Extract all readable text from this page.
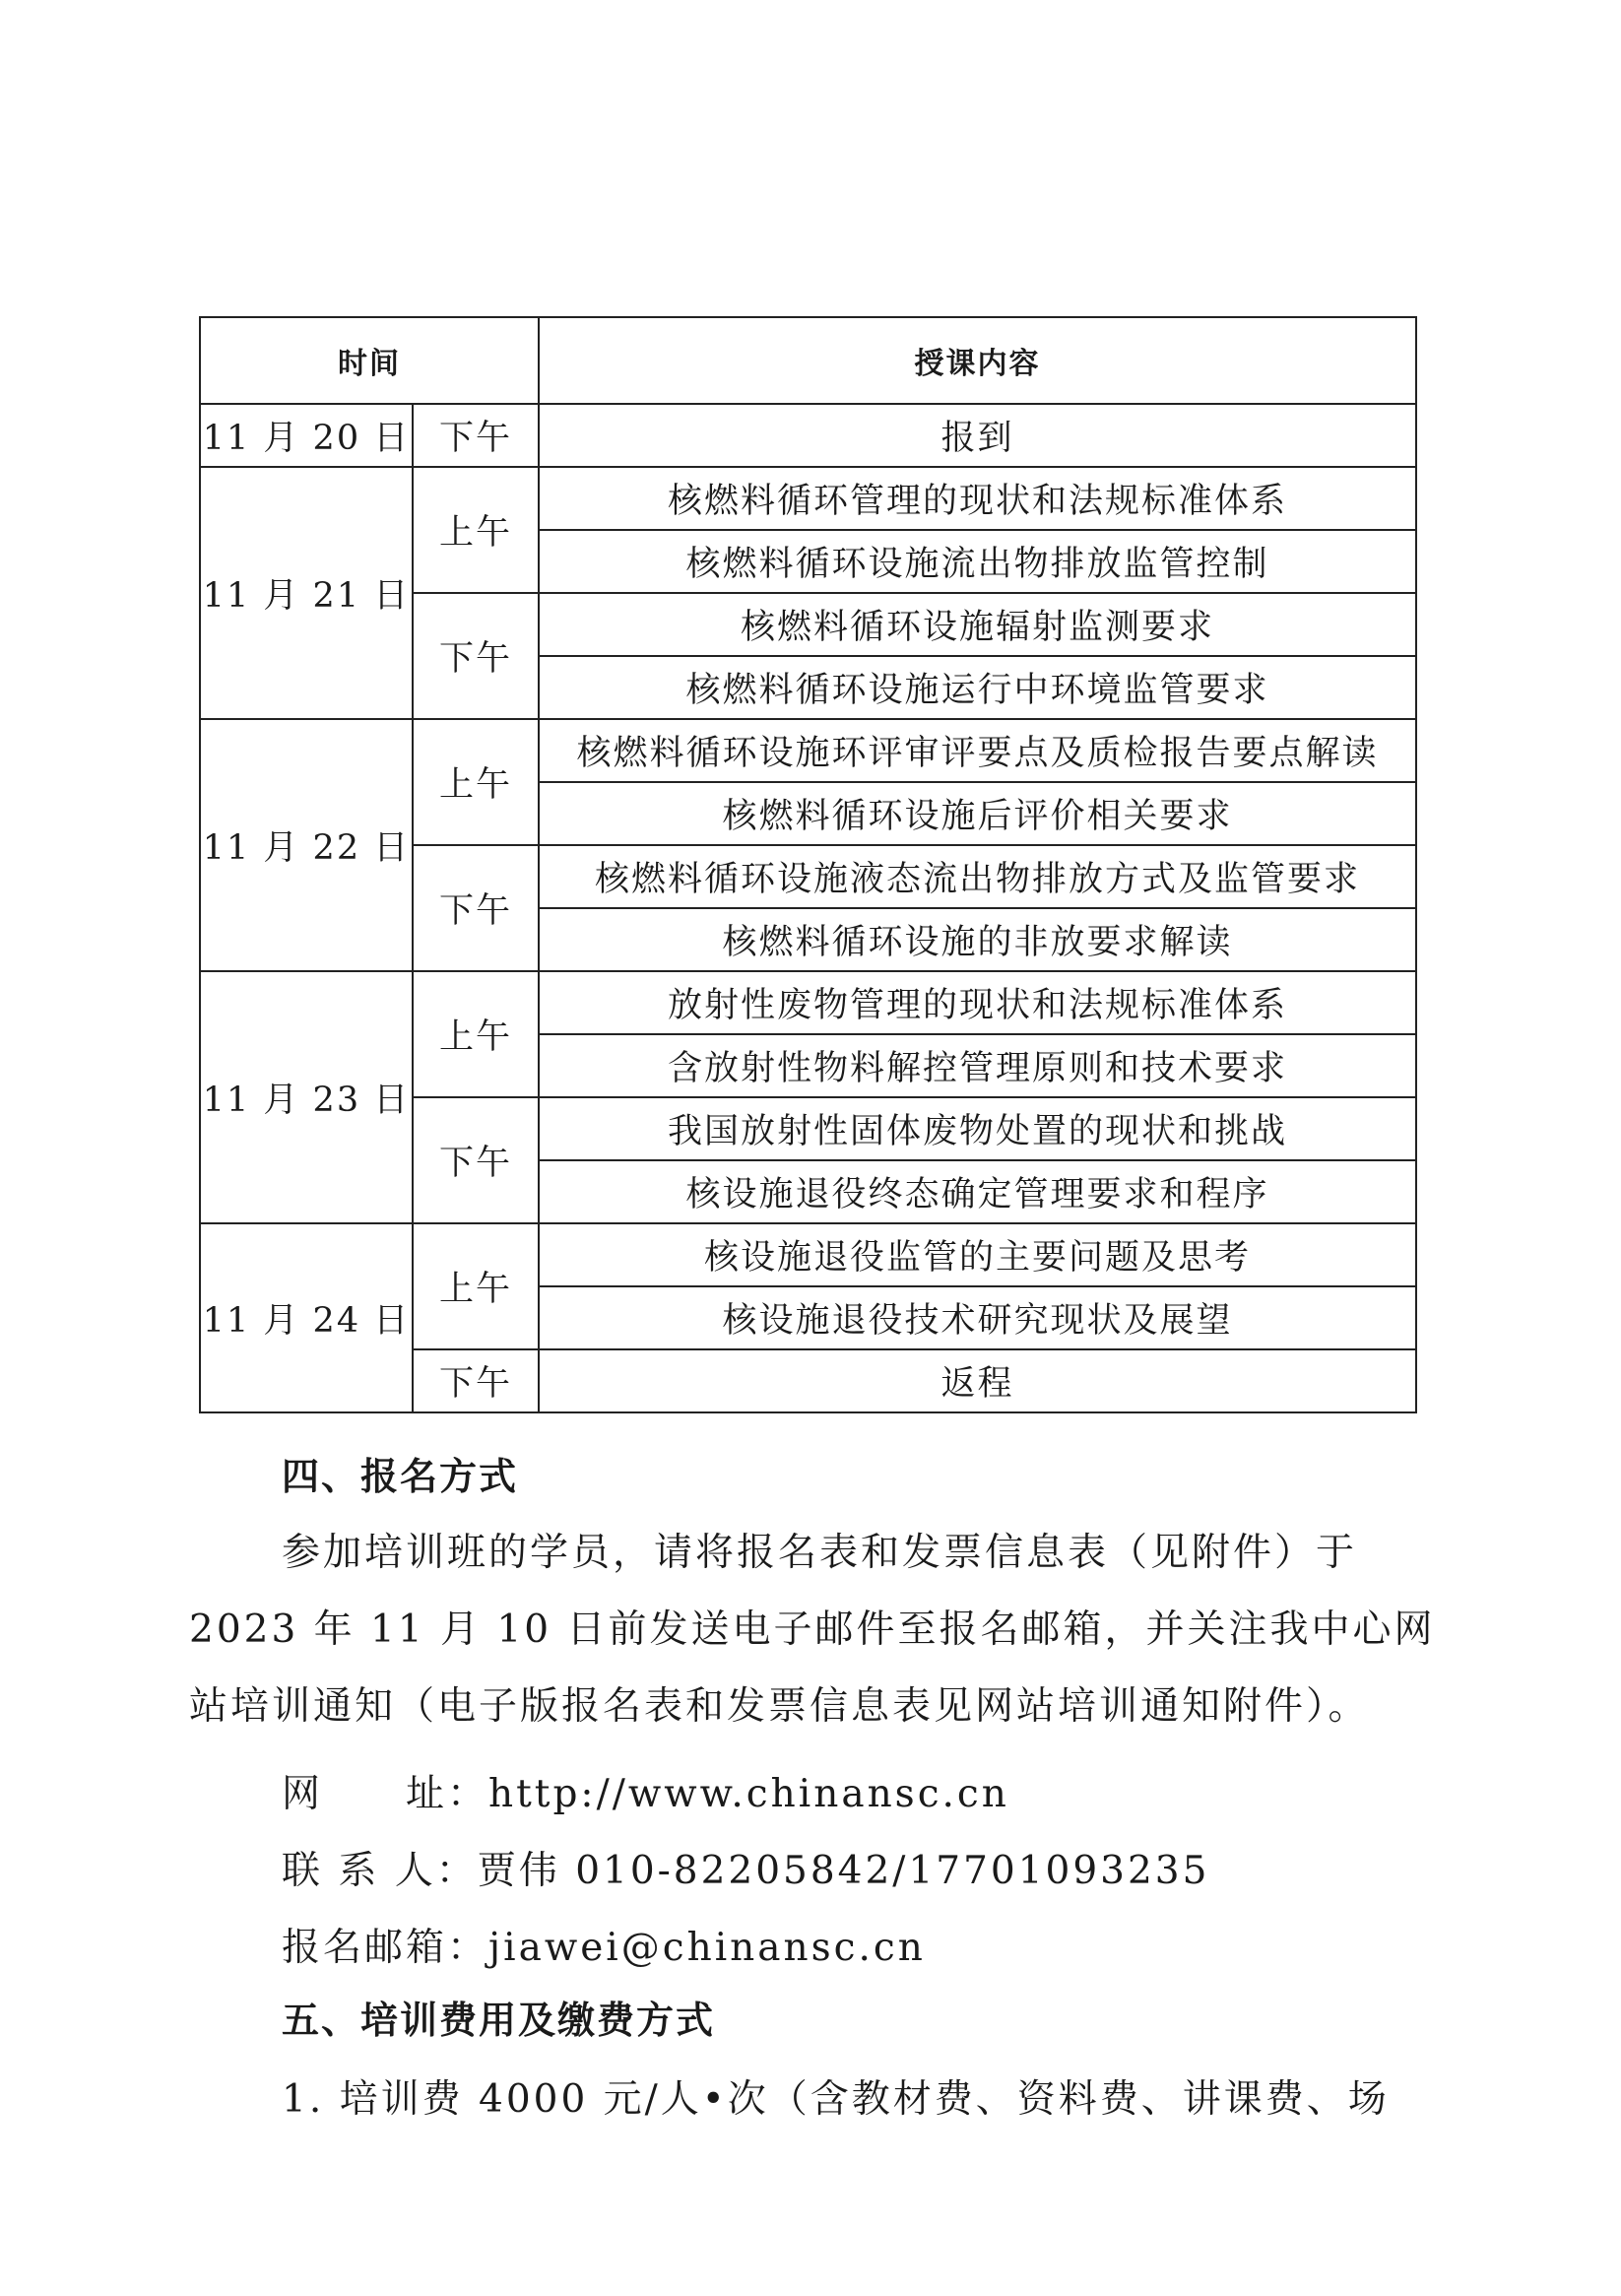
时间		授课内容
11 月 20 日	下午	报到
11 月 21 日	上午	核燃料循环管理的现状和法规标准体系
		核燃料循环设施流出物排放监管控制
	下午	核燃料循环设施辐射监测要求
		核燃料循环设施运行中环境监管要求
11 月 22 日	上午	核燃料循环设施环评审评要点及质检报告要点解读
		核燃料循环设施后评价相关要求
	下午	核燃料循环设施液态流出物排放方式及监管要求
		核燃料循环设施的非放要求解读
11 月 23 日	上午	放射性废物管理的现状和法规标准体系
		含放射性物料解控管理原则和技术要求
	下午	我国放射性固体废物处置的现状和挑战
		核设施退役终态确定管理要求和程序
11 月 24 日	上午	核设施退役监管的主要问题及思考
		核设施退役技术研究现状及展望
	下午	返程
四、报名方式
参加培训班的学员，请将报名表和发票信息表（见附件）于
2023 年 11 月 10 日前发送电子邮件至报名邮箱，并关注我中心网
站培训通知（电子版报名表和发票信息表见网站培训通知附件）。
网　　址：http://www.chinansc.cn
联 系 人：贾伟 010-82205842/17701093235
报名邮箱：jiawei@chinansc.cn
五、培训费用及缴费方式
1. 培训费 4000 元/人•次（含教材费、资料费、讲课费、场
